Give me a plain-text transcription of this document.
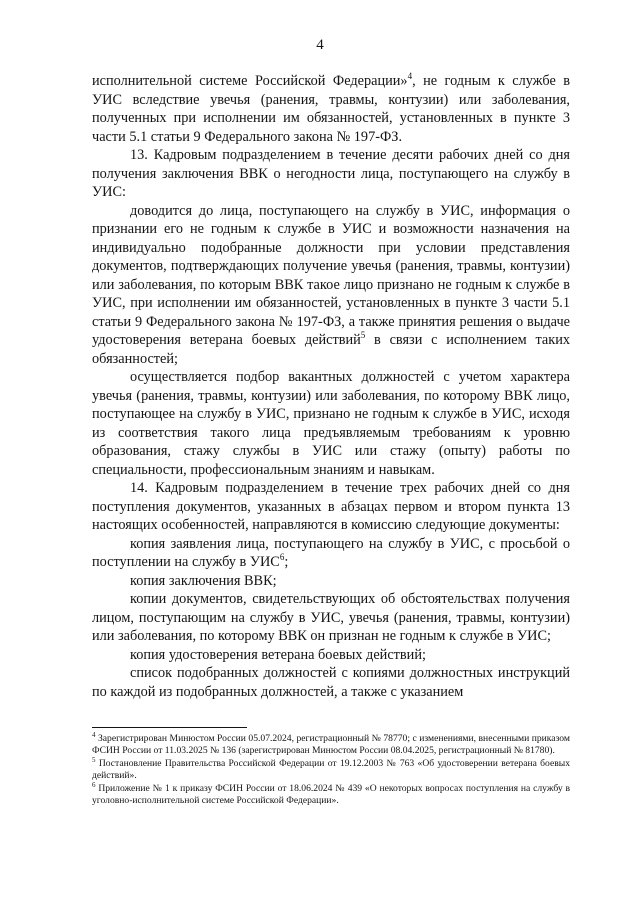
4

исполнительной системе Российской Федерации»$^4$, не годным к службе в УИС вследствие увечья (ранения, травмы, контузии) или заболевания, полученных при исполнении им обязанностей, установленных в пункте 3 части 5.1 статьи 9 Федерального закона № 197-ФЗ.

13. Кадровым подразделением в течение десяти рабочих дней со дня получения заключения ВВК о негодности лица, поступающего на службу в УИС:

доводится до лица, поступающего на службу в УИС, информация о признании его не годным к службе в УИС и возможности назначения на индивидуально подобранные должности при условии представления документов, подтверждающих получение увечья (ранения, травмы, контузии) или заболевания, по которым ВВК такое лицо признано не годным к службе в УИС, при исполнении им обязанностей, установленных в пункте 3 части 5.1 статьи 9 Федерального закона № 197-ФЗ, а также принятия решения о выдаче удостоверения ветерана боевых действий$^5$ в связи с исполнением таких обязанностей;

осуществляется подбор вакантных должностей с учетом характера увечья (ранения, травмы, контузии) или заболевания, по которому ВВК лицо, поступающее на службу в УИС, признано не годным к службе в УИС, исходя из соответствия такого лица предъявляемым требованиям к уровню образования, стажу службы в УИС или стажу (опыту) работы по специальности, профессиональным знаниям и навыкам.

14. Кадровым подразделением в течение трех рабочих дней со дня поступления документов, указанных в абзацах первом и втором пункта 13 настоящих особенностей, направляются в комиссию следующие документы:

копия заявления лица, поступающего на службу в УИС, с просьбой о поступлении на службу в УИС$^6$;

копия заключения ВВК;

копии документов, свидетельствующих об обстоятельствах получения лицом, поступающим на службу в УИС, увечья (ранения, травмы, контузии) или заболевания, по которому ВВК он признан не годным к службе в УИС;

копия удостоверения ветерана боевых действий;

список подобранных должностей с копиями должностных инструкций по каждой из подобранных должностей, а также с указанием

$^4$ Зарегистрирован Минюстом России 05.07.2024, регистрационный № 78770; с изменениями, внесенными приказом ФСИН России от 11.03.2025 № 136 (зарегистрирован Минюстом России 08.04.2025, регистрационный № 81780).

$^5$ Постановление Правительства Российской Федерации от 19.12.2003 № 763 «Об удостоверении ветерана боевых действий».

$^6$ Приложение № 1 к приказу ФСИН России от 18.06.2024 № 439 «О некоторых вопросах поступления на службу в уголовно-исполнительной системе Российской Федерации».
